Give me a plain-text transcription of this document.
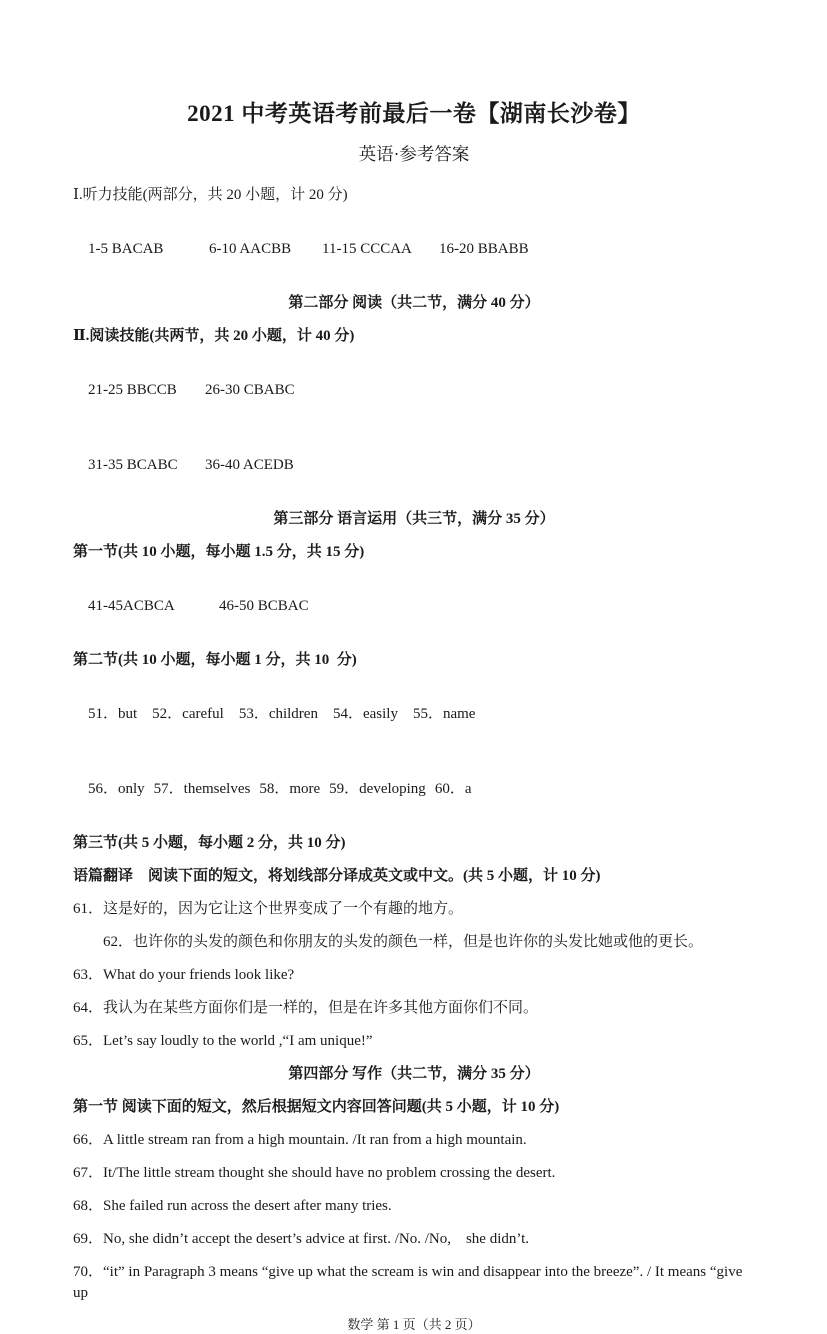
2021 中考英语考前最后一卷【湖南长沙卷】
英语·参考答案
Ⅰ.听力技能(两部分，共 20 小题，计 20 分)

1-5 BACAB	6-10 AACBB 11-15 CCCAA 16-20 BBABB

第二部分 阅读（共二节，满分 40 分）
Ⅱ.阅读技能(共两节，共 20 小题，计 40 分)

21-25 BBCCB 26-30 CBABC

31-35 BCABC 36-40 ACEDB

第三部分 语言运用（共三节，满分 35 分）
第一节(共 10 小题，每小题 1.5 分，共 15 分)

41-45ACBCA	46-50 BCBAC

第二节(共 10 小题，每小题 1 分，共 10  分)

51．but 52．careful 53．children 54．easily 55．name

56．only 57．themselves 58．more 59．developing 60．a

第三节(共 5 小题，每小题 2 分，共 10 分)
语篇翻译　阅读下面的短文，将划线部分译成英文或中文。(共 5 小题，计 10 分)
61．这是好的，因为它让这个世界变成了一个有趣的地方。
62．也许你的头发的颜色和你朋友的头发的颜色一样，但是也许你的头发比她或他的更长。
63．What do your friends look like?
64．我认为在某些方面你们是一样的，但是在许多其他方面你们不同。
65．Let’s say loudly to the world ,“I am unique!”
第四部分 写作（共二节，满分 35 分）
第一节 阅读下面的短文，然后根据短文内容回答问题(共 5 小题，计 10 分)
66．A little stream ran from a high mountain. /It ran from a high mountain.
67．It/The little stream thought she should have no problem crossing the desert.
68．She failed run across the desert after many tries.
69．No, she didn’t accept the desert’s advice at first. /No. /No,　she didn’t.
70．“it” in Paragraph 3 means “give up what the scream is win and disappear into the breeze”. / It means “give up
数学 第 1 页（共 2 页）
